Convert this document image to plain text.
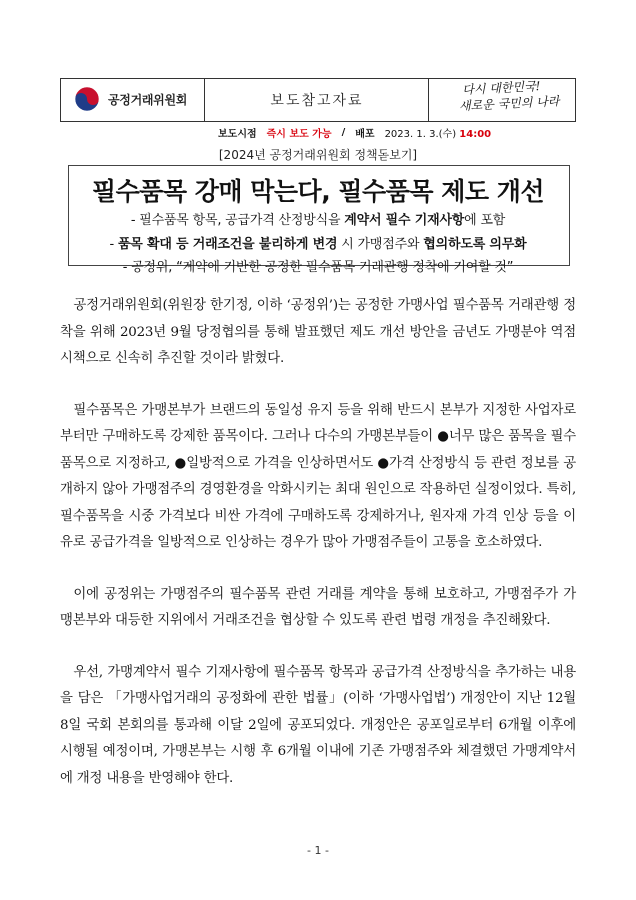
공정거래위원회	보도참고자료
다시 대한민국!
새로운 국민의 나라
보도시점 즉시 보도 가능 / 배포 2023. 1. 3.(수) 14:00
[2024년 공정거래위원회 정책돋보기]
필수품목 강매 막는다, 필수품목 제도 개선
- 필수품목 항목, 공급가격 산정방식을 계약서 필수 기재사항에 포함
- 품목 확대 등 거래조건을 불리하게 변경 시 가맹점주와 협의하도록 의무화
- 공정위, “계약에 기반한 공정한 필수품목 거래관행 정착에 기여할 것”

공정거래위원회(위원장 한기정, 이하 ‘공정위’)는 공정한 가맹사업 필수품목 거래관행 정착을 위해 2023년 9월 당정협의를 통해 발표했던 제도 개선 방안을 금년도 가맹분야 역점 시책으로 신속히 추진할 것이라 밝혔다.

필수품목은 가맹본부가 브랜드의 동일성 유지 등을 위해 반드시 본부가 지정한 사업자로부터만 구매하도록 강제한 품목이다. 그러나 다수의 가맹본부들이 ●너무 많은 품목을 필수품목으로 지정하고, ●일방적으로 가격을 인상하면서도 ●가격 산정방식 등 관련 정보를 공개하지 않아 가맹점주의 경영환경을 악화시키는 최대 원인으로 작용하던 실정이었다. 특히, 필수품목을 시중 가격보다 비싼 가격에 구매하도록 강제하거나, 원자재 가격 인상 등을 이유로 공급가격을 일방적으로 인상하는 경우가 많아 가맹점주들이 고통을 호소하였다.

이에 공정위는 가맹점주의 필수품목 관련 거래를 계약을 통해 보호하고, 가맹점주가 가맹본부와 대등한 지위에서 거래조건을 협상할 수 있도록 관련 법령 개정을 추진해왔다.

우선, 가맹계약서 필수 기재사항에 필수품목 항목과 공급가격 산정방식을 추가하는 내용을 담은 「가맹사업거래의 공정화에 관한 법률」(이하 ‘가맹사업법’) 개정안이 지난 12월 8일 국회 본회의를 통과해 이달 2일에 공포되었다. 개정안은 공포일로부터 6개월 이후에 시행될 예정이며, 가맹본부는 시행 후 6개월 이내에 기존 가맹점주와 체결했던 가맹계약서에 개정 내용을 반영해야 한다.

- 1 -
